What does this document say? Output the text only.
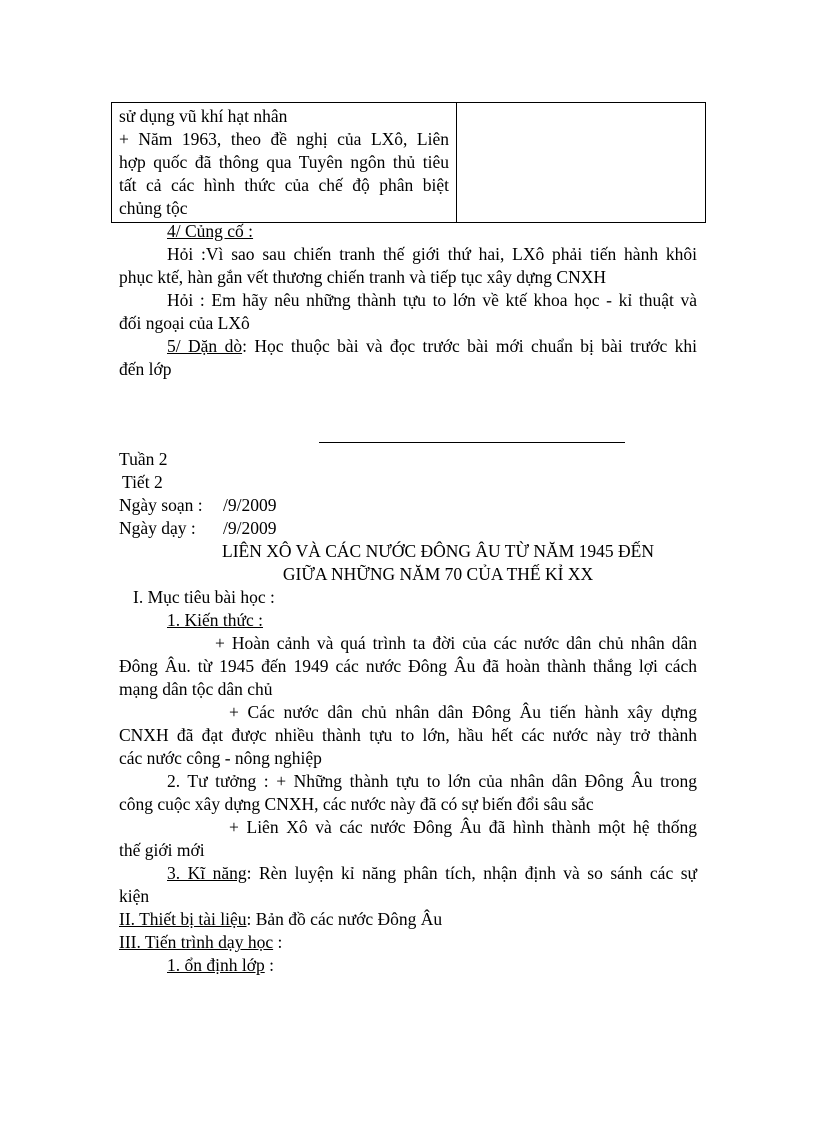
sử dụng vũ khí hạt nhân
+ Năm 1963, theo đề nghị của LXô, Liên
hợp quốc đã thông qua Tuyên ngôn thủ tiêu
tất cả các hình thức của chế độ phân biệt
chủng tộc

4/ Củng cố :
Hỏi :Vì sao sau chiến tranh thế giới thứ hai, LXô phải tiến hành khôi
phục ktế, hàn gắn vết thương chiến tranh và tiếp tục xây dựng CNXH
Hỏi : Em hãy nêu những thành tựu to lớn về ktế khoa học - kỉ thuật và
đối ngoại của LXô
5/ Dặn dò: Học thuộc bài và đọc trước bài mới chuẩn bị bài trước khi
đến lớp
Tuần 2
Tiết 2
Ngày soạn : /9/2009
Ngày dạy : /9/2009
LIÊN XÔ VÀ CÁC NƯỚC ĐÔNG ÂU TỪ NĂM 1945 ĐẾN
GIỮA NHỮNG NĂM 70 CỦA THẾ KỈ XX
I. Mục tiêu bài học :
1. Kiến thức :
+ Hoàn cảnh và quá trình ta đời của các nước dân chủ nhân dân
Đông Âu. từ 1945 đến 1949 các nước Đông Âu đã hoàn thành thắng lợi cách
mạng dân tộc dân chủ
+ Các nước dân chủ nhân dân Đông Âu tiến hành xây dựng
CNXH đã đạt được nhiều thành tựu to lớn, hầu hết các nước này trở thành
các nước công - nông nghiệp
2. Tư tưởng : + Những thành tựu to lớn của nhân dân Đông Âu trong
công cuộc xây dựng CNXH, các nước này đã có sự biến đổi sâu sắc
+ Liên Xô và các nước Đông Âu đã hình thành một hệ thống
thế giới mới
3. Kĩ năng: Rèn luyện kỉ năng phân tích, nhận định và so sánh các sự
kiện
II. Thiết bị tài liệu: Bản đồ các nước Đông Âu
III. Tiến trình dạy học :
1. ổn định lớp :
